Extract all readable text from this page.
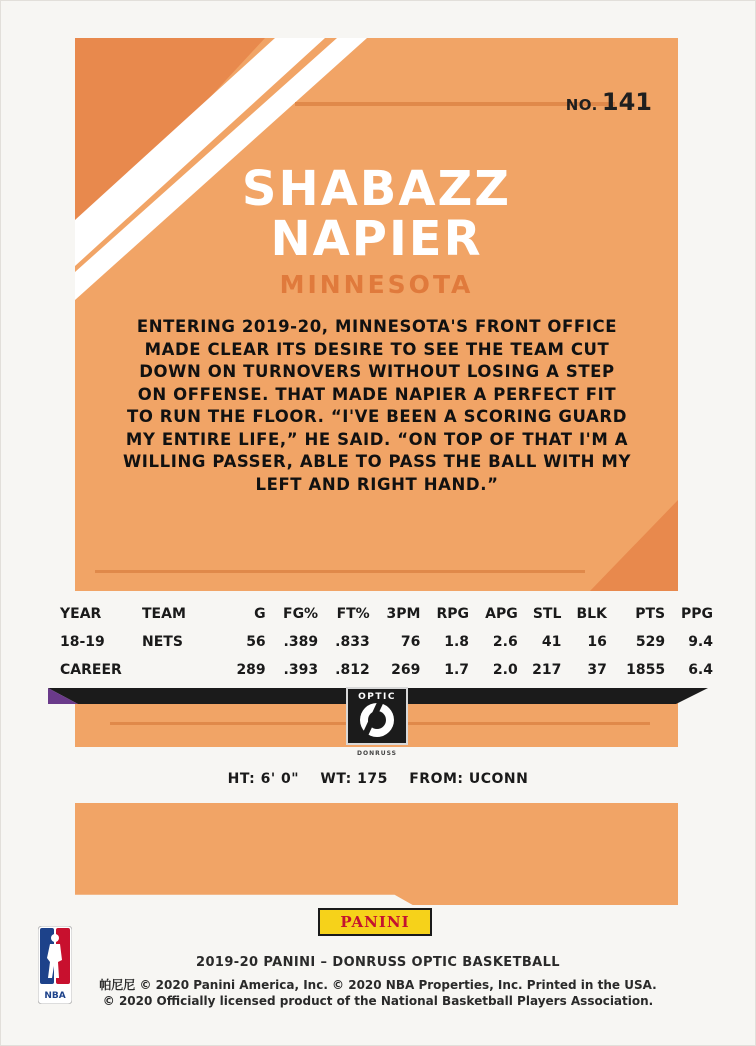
NO. 141
SHABAZZ
NAPIER
MINNESOTA
ENTERING 2019-20, MINNESOTA'S FRONT OFFICE MADE CLEAR ITS DESIRE TO SEE THE TEAM CUT DOWN ON TURNOVERS WITHOUT LOSING A STEP ON OFFENSE. THAT MADE NAPIER A PERFECT FIT TO RUN THE FLOOR. “I'VE BEEN A SCORING GUARD MY ENTIRE LIFE,” HE SAID. “ON TOP OF THAT I'M A WILLING PASSER, ABLE TO PASS THE BALL WITH MY LEFT AND RIGHT HAND.”
YEAR	TEAM	G	FG%	FT%	3PM	RPG	APG	STL	BLK	PTS	PPG
18-19	NETS	56	.389	.833	76	1.8	2.6	41	16	529	9.4
CAREER		289	.393	.812	269	1.7	2.0	217	37	1855	6.4
OPTIC
DONRUSS
HT: 6' 0" WT: 175 FROM: UCONN
PANINI
NBA
2019-20 PANINI – DONRUSS OPTIC BASKETBALL
帕尼尼 © 2020 Panini America, Inc. © 2020 NBA Properties, Inc. Printed in the USA.
© 2020 Officially licensed product of the National Basketball Players Association.
